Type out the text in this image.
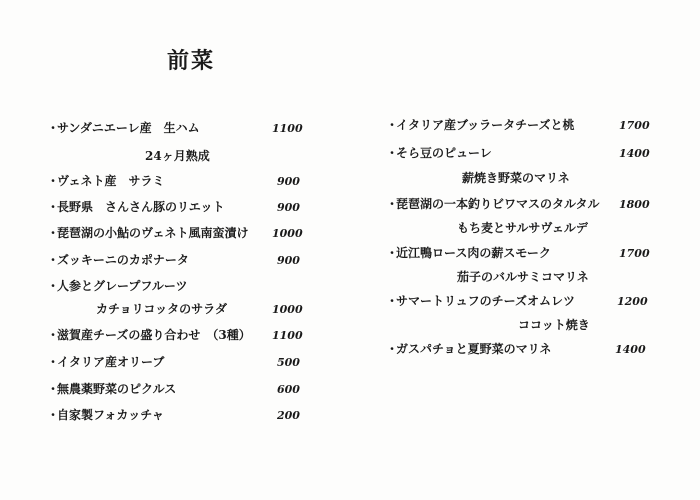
前菜
・サンダニエーレ産　生ハム	1100
24ヶ月熟成
・ヴェネト産　サラミ	900
・長野県　さんさん豚のリエット	900
・琵琶湖の小鮎のヴェネト風南蛮漬け 1000
・ズッキーニのカポナータ	900
・人参とグレープフルーツ
カチョリコッタのサラダ	1000
・滋賀産チーズの盛り合わせ　（3種） 1100
・イタリア産オリーブ	500
・無農薬野菜のピクルス	600
・自家製フォカッチャ	200
・イタリア産ブッラータチーズと桃	1700
・そら豆のピューレ	1400
薪焼き野菜のマリネ
・琵琶湖の一本釣りビワマスのタルタル 1800
もち麦とサルサヴェルデ
・近江鴨ロース肉の薪スモーク	1700
茄子のバルサミコマリネ
・サマートリュフのチーズオムレツ	1200
ココット焼き
・ガスパチョと夏野菜のマリネ	1400
